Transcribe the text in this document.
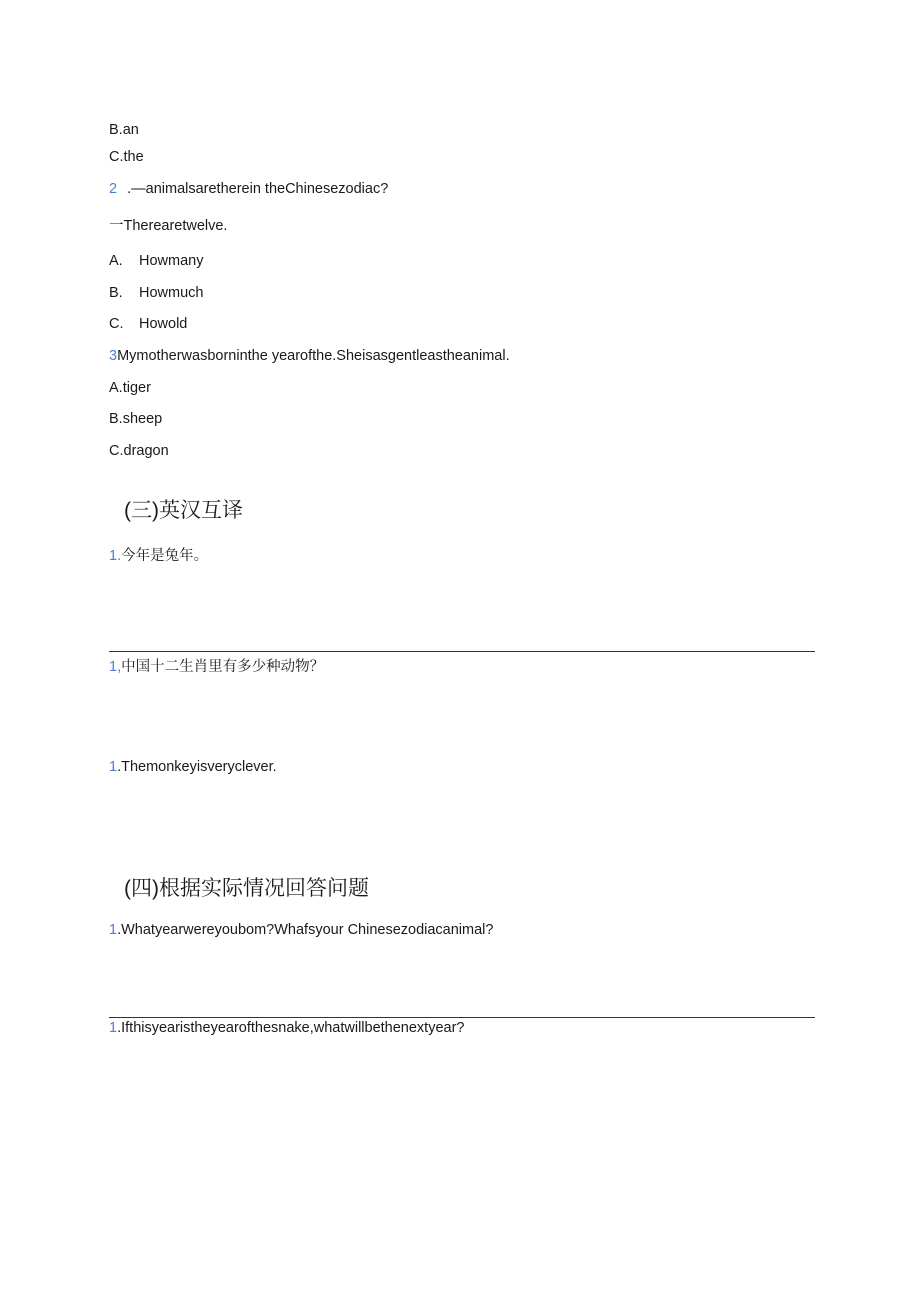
B.an
C.the
2 .—animalsaretherein theChinesezodiac?
一Therearetwelve.
A. Howmany
B. Howmuch
C. Howold
3Mymotherwasborninthe yearofthe.Sheisasgentleastheanimal.
A.tiger
B.sheep
C.dragon
(三)英汉互译
1.今年是兔年。
1,中国十二生肖里有多少种动物？
1.Themonkeyisveryclever.
(四)根据实际情况回答问题
1.Whatyearwereyoubom?Whafsyour Chinesezodiacanimal?
1.Ifthisyearistheyearofthesnake,whatwillbethenextyear?
